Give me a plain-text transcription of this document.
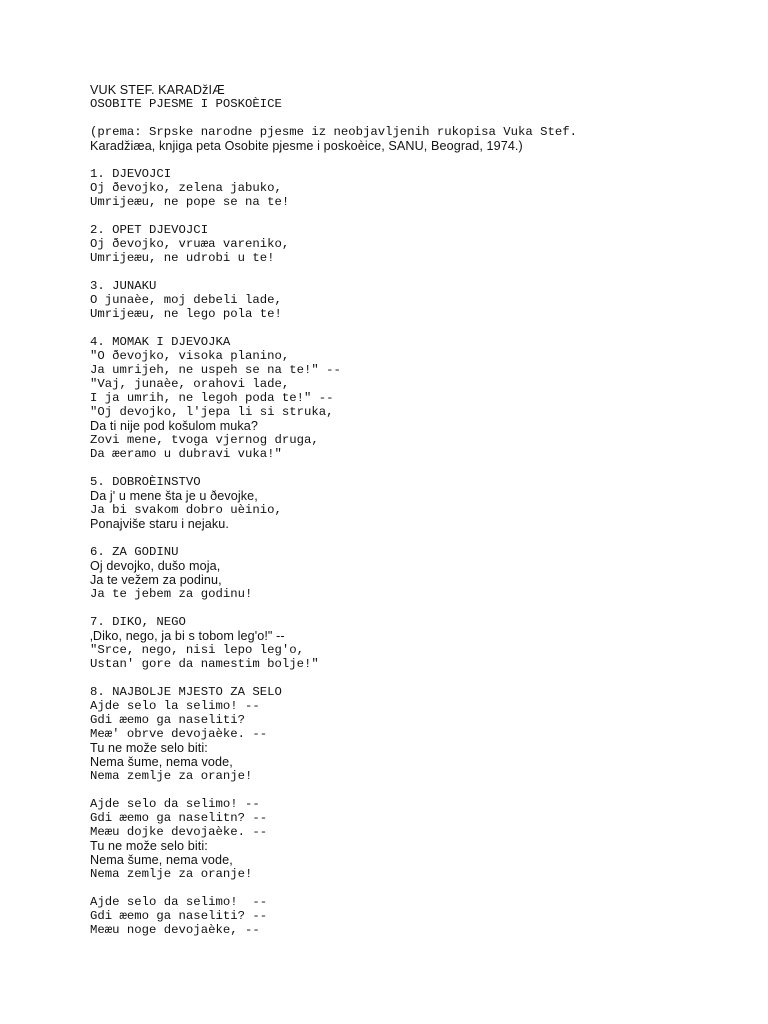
VUK STEF. KARADžIÆ
OSOBITE PJESME I POSKOÈICE
(prema: Srpske narodne pjesme iz neobjavljenih rukopisa Vuka Stef.
Karadžiæa, knjiga peta Osobite pjesme i poskoèice, SANU, Beograd, 1974.)
1. DJEVOJCI
Oj ðevojko, zelena jabuko,
Umrijeæu, ne pope se na te!
2. OPET DJEVOJCI
Oj ðevojko, vruæa vareniko,
Umrijeæu, ne udrobi u te!
3. JUNAKU
O junaèe, moj debeli lade,
Umrijeæu, ne lego pola te!
4. MOMAK I DJEVOJKA
"O ðevojko, visoka planino,
Ja umrijeh, ne uspeh se na te!" --
"Vaj, junaèe, orahovi lade,
I ja umrih, ne legoh poda te!" --
"Oj devojko, l'jepa li si struka,
Da ti nije pod košulom muka?
Zovi mene, tvoga vjernog druga,
Da æeramo u dubravi vuka!"
5. DOBROÈINSTVO
Da j' u mene šta je u ðevojke,
Ja bi svakom dobro uèinio,
Ponajviše staru i nejaku.
6. ZA GODINU
Oj devojko, dušo moja,
Ja te vežem za podinu,
Ja te jebem za godinu!
7. DIKO, NEGO
‚Diko, nego, ja bi s tobom leg'o!" --
"Srce, nego, nisi lepo leg'o,
Ustan' gore da namestim bolje!"
8. NAJBOLJE MJESTO ZA SELO
Ajde selo la selimo! --
Gdi æemo ga naseliti?
Meæ' obrve devojaèke. --
Tu ne može selo biti:
Nema šume, nema vode,
Nema zemlje za oranje!
Ajde selo da selimo! --
Gdi æemo ga naselitn? --
Meæu dojke devojaèke. --
Tu ne može selo biti:
Nema šume, nema vode,
Nema zemlje za oranje!
Ajde selo da selimo!  --
Gdi æemo ga naseliti? --
Meæu noge devojaèke, --
